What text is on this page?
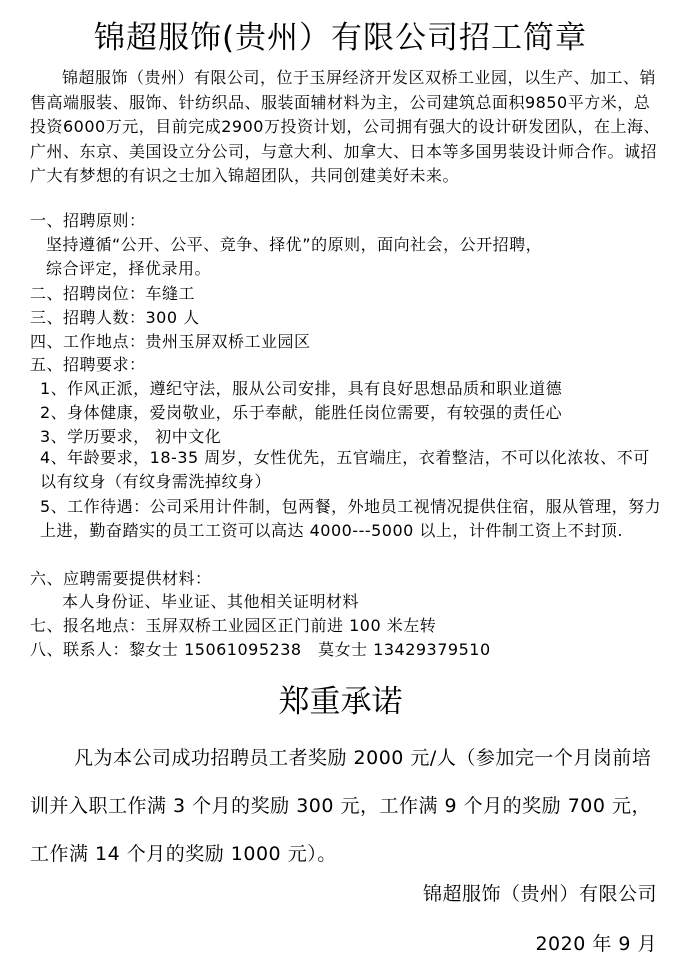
锦超服饰(贵州）有限公司招工简章
锦超服饰（贵州）有限公司，位于玉屏经济开发区双桥工业园，以生产、加工、销售高端服装、服饰、针纺织品、服装面辅材料为主，公司建筑总面积9850平方米，总投资6000万元，目前完成2900万投资计划，公司拥有强大的设计研发团队，在上海、广州、东京、美国设立分公司，与意大利、加拿大、日本等多国男装设计师合作。诚招广大有梦想的有识之士加入锦超团队，共同创建美好未来。
一、招聘原则：
坚持遵循“公开、公平、竞争、择优”的原则，面向社会，公开招聘，
综合评定，择优录用。
二、招聘岗位：车缝工
三、招聘人数：300 人
四、工作地点：贵州玉屏双桥工业园区
五、招聘要求：
1、作风正派，遵纪守法，服从公司安排，具有良好思想品质和职业道德
2、身体健康，爱岗敬业，乐于奉献，能胜任岗位需要，有较强的责任心
3、学历要求， 初中文化
4、年龄要求，18-35 周岁，女性优先，五官端庄，衣着整洁，不可以化浓妆、不可以有纹身（有纹身需洗掉纹身）
5、工作待遇：公司采用计件制，包两餐，外地员工视情况提供住宿，服从管理，努力上进，勤奋踏实的员工工资可以高达 4000---5000 以上，计件制工资上不封顶.
六、应聘需要提供材料：
本人身份证、毕业证、其他相关证明材料
七、报名地点：玉屏双桥工业园区正门前进 100 米左转
八、联系人：黎女士 15061095238　莫女士 13429379510
郑重承诺
凡为本公司成功招聘员工者奖励 2000 元/人（参加完一个月岗前培训并入职工作满 3 个月的奖励 300 元，工作满 9 个月的奖励 700 元，工作满 14 个月的奖励 1000 元）。
锦超服饰（贵州）有限公司
2020 年 9 月
